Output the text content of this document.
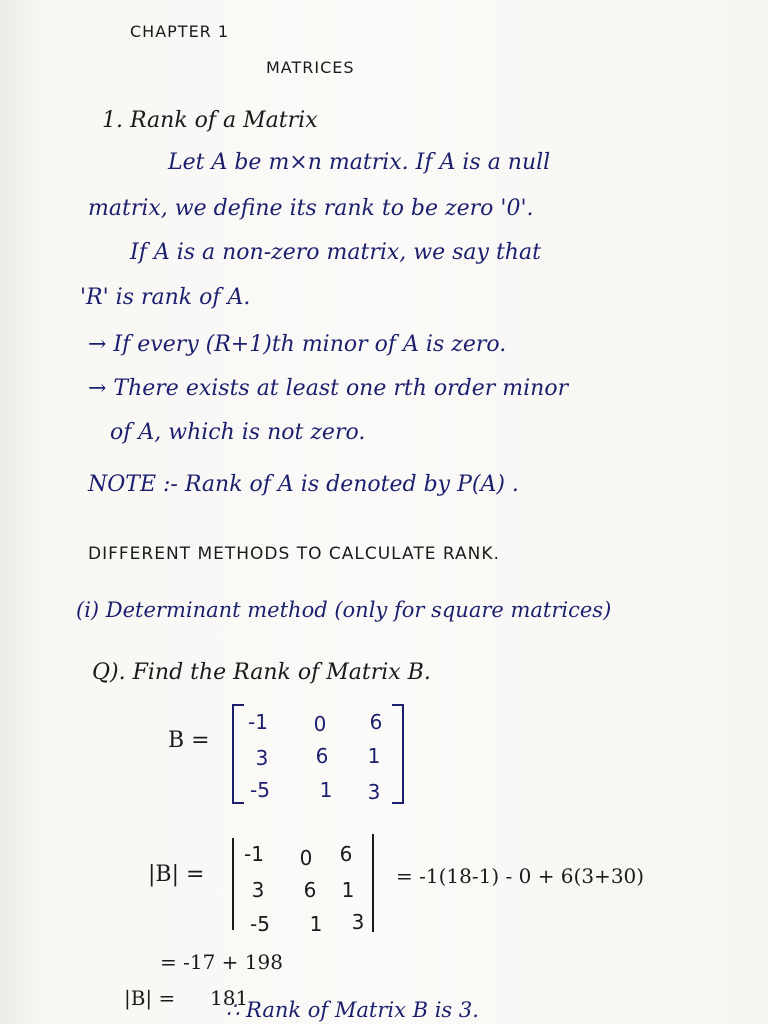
CHAPTER 1
MATRICES
1. Rank of a Matrix
Let A be m×n matrix. If A is a null
matrix, we define its rank to be zero '0'.
If A is a non-zero matrix, we say that
'R' is rank of A.
→ If every (R+1)th minor of A is zero.
→ There exists at least one rth order minor
of A, which is not zero.
NOTE :- Rank of A is denoted by P(A) .
DIFFERENT METHODS TO CALCULATE RANK.
(i) Determinant method (only for square matrices)
Q). Find the Rank of Matrix B.
B =
-1	0	6
3	6	1
-5	1	3
|B| =
-1	0	6
3	6	1
-5	1	3
= -1(18-1) - 0 + 6(3+30)
= -17 + 198
|B| = 181
∴ Rank of Matrix B is 3.
